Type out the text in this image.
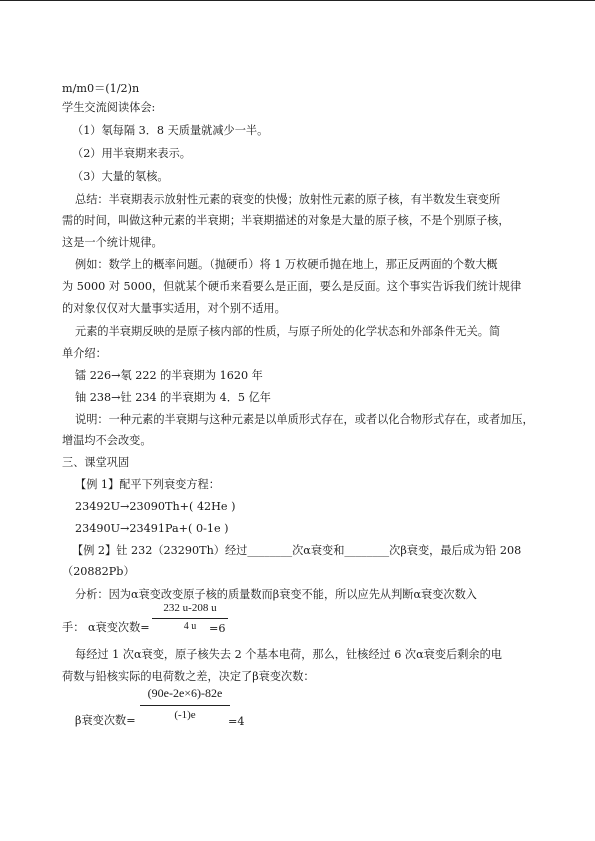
m/m0＝(1/2)n
学生交流阅读体会:
（1）氡每隔 3．8 天质量就减少一半。
（2）用半衰期来表示。
（3）大量的氡核。
总结：半衰期表示放射性元素的衰变的快慢；放射性元素的原子核，有半数发生衰变所
需的时间，叫做这种元素的半衰期；半衰期描述的对象是大量的原子核，不是个别原子核，
这是一个统计规律。
例如：数学上的概率问题。（抛硬币）将 1 万枚硬币抛在地上，那正反两面的个数大概
为 5000 对 5000，但就某个硬币来看要么是正面，要么是反面。这个事实告诉我们统计规律
的对象仅仅对大量事实适用，对个别不适用。
元素的半衰期反映的是原子核内部的性质，与原子所处的化学状态和外部条件无关。简
单介绍：
镭 226→氡 222 的半衰期为 1620 年
铀 238→钍 234 的半衰期为 4．5 亿年
说明：一种元素的半衰期与这种元素是以单质形式存在，或者以化合物形式存在，或者加压，
增温均不会改变。
三、课堂巩固
【例 1】配平下列衰变方程：
23492U→23090Th+( 42He )
23490U→23491Pa+( 0-1e )
【例 2】钍 232（23290Th）经过________次α衰变和________次β衰变，最后成为铅 208
（20882Pb）
分析：因为α衰变改变原子核的质量数而β衰变不能，所以应先从判断α衰变次数入
232 u-208 u
4 u
手： α衰变次数=	=6
每经过 1 次α衰变，原子核失去 2 个基本电荷，那么，钍核经过 6 次α衰变后剩余的电
荷数与铅核实际的电荷数之差，决定了β衰变次数：
(90e-2e×6)-82e
(-1)e
β衰变次数=	=4
